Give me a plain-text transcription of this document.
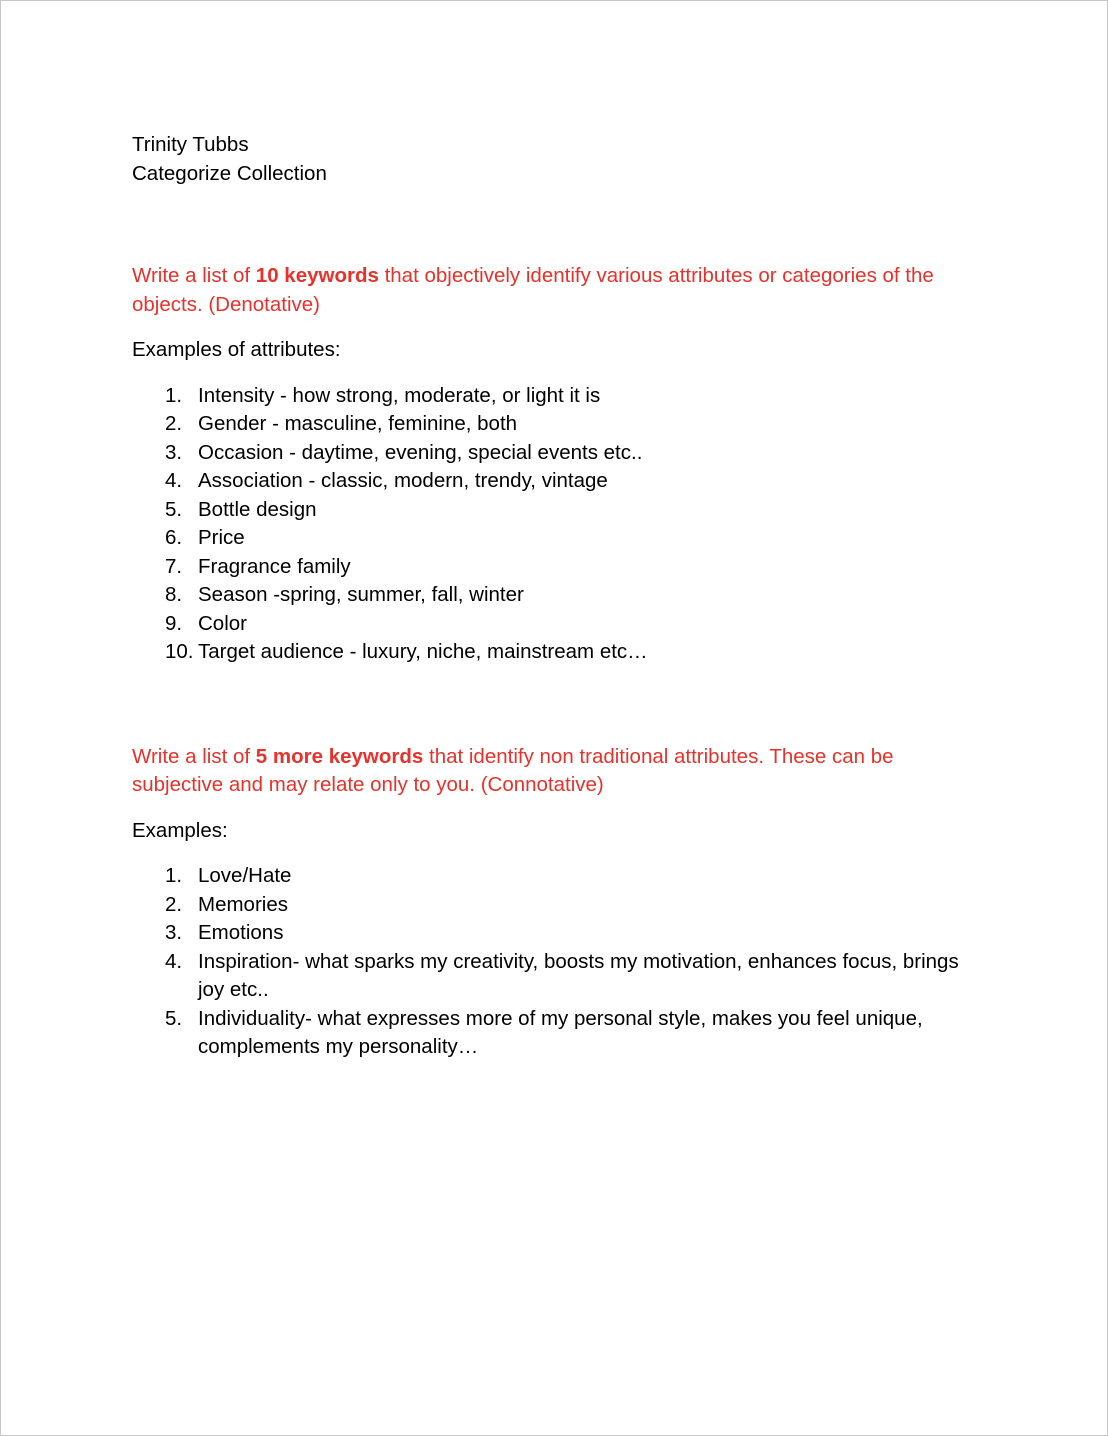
Trinity Tubbs

Categorize Collection

Write a list of 10 keywords that objectively identify various attributes or categories of the objects. (Denotative)

Examples of attributes:

1. Intensity - how strong, moderate, or light it is
2. Gender - masculine, feminine, both
3. Occasion - daytime, evening, special events etc..
4. Association - classic, modern, trendy, vintage
5. Bottle design
6. Price
7. Fragrance family
8. Season -spring, summer, fall, winter
9. Color
10. Target audience - luxury, niche, mainstream etc…

Write a list of 5 more keywords that identify non traditional attributes. These can be subjective and may relate only to you. (Connotative)

Examples:

1. Love/Hate
2. Memories
3. Emotions
4. Inspiration- what sparks my creativity, boosts my motivation, enhances focus, brings joy etc..
5. Individuality- what expresses more of my personal style, makes you feel unique, complements my personality…
